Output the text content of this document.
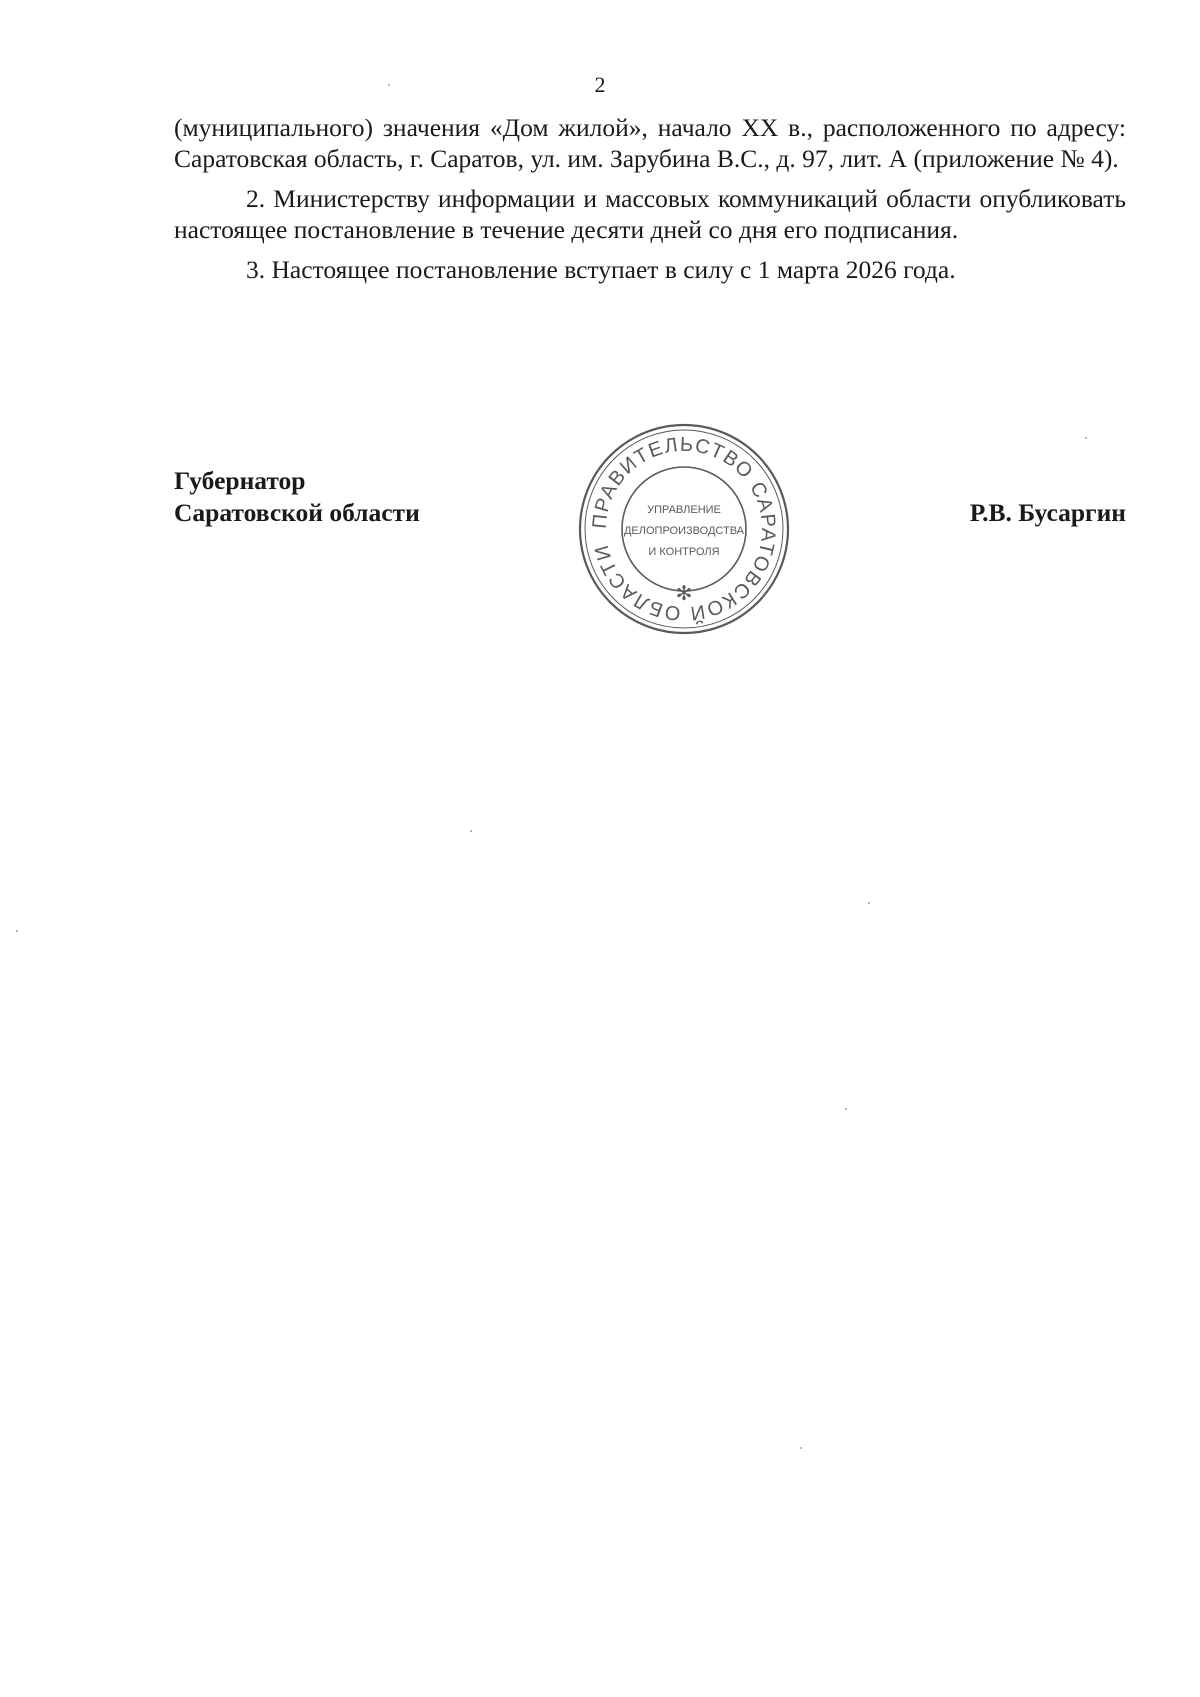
2

(муниципального) значения «Дом жилой», начало XX в., расположенного по адресу: Саратовская область, г. Саратов, ул. им. Зарубина В.С., д. 97, лит. А (приложение № 4).

2. Министерству информации и массовых коммуникаций области опубликовать настоящее постановление в течение десяти дней со дня его подписания.

3. Настоящее постановление вступает в силу с 1 марта 2026 года.

Губернатор
Саратовской области	ПРАВИТЕЛЬСТВО САРАТОВСКОЙ ОБЛАСТИ
✻
УПРАВЛЕНИЕ
ДЕЛОПРОИЗВОДСТВА
И КОНТРОЛЯ
Р.В. Бусаргин
